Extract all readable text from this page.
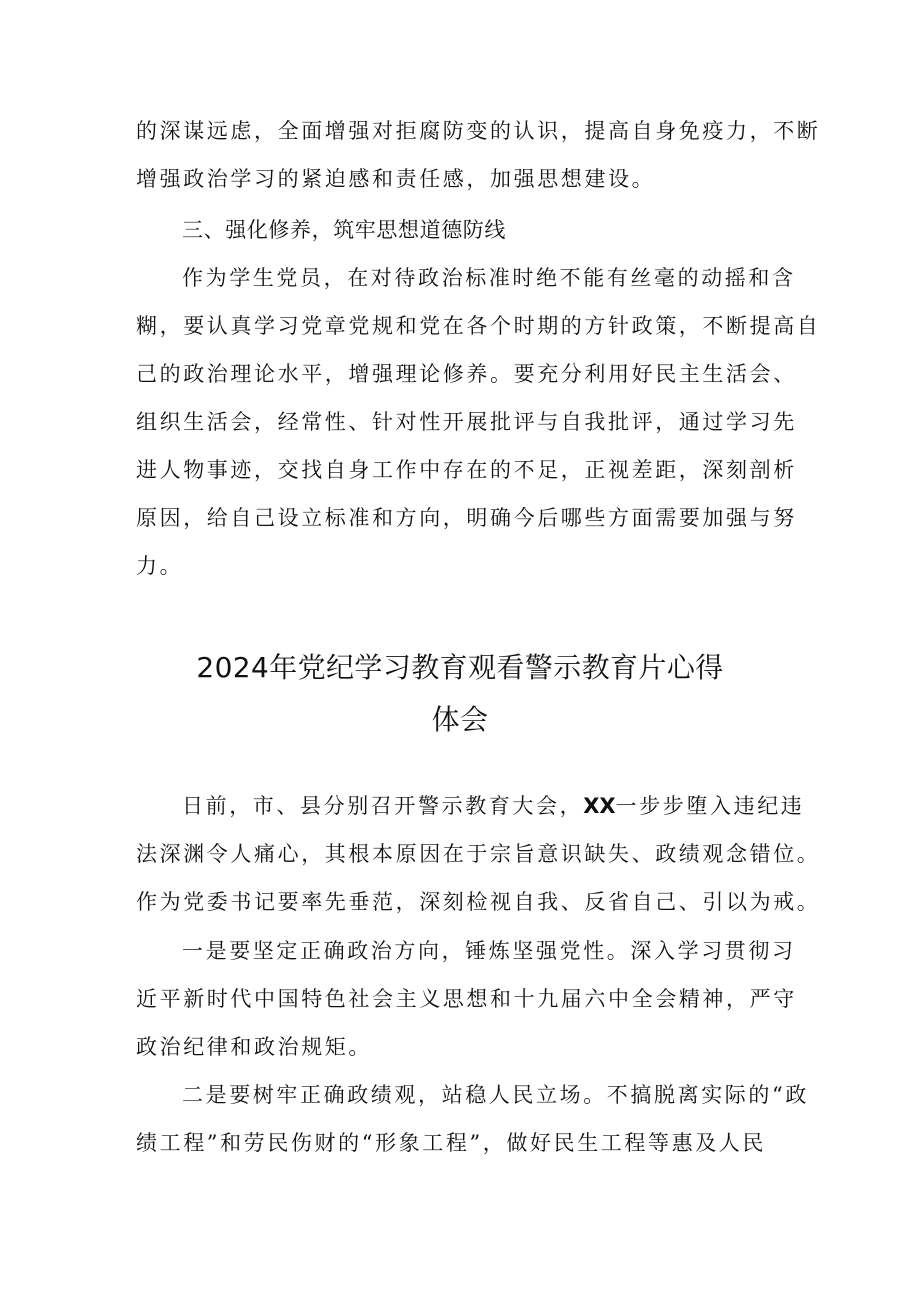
的深谋远虑，全面增强对拒腐防变的认识，提高自身免疫力，不断
增强政治学习的紧迫感和责任感，加强思想建设。
三、强化修养，筑牢思想道德防线
作为学生党员，在对待政治标准时绝不能有丝毫的动摇和含
糊，要认真学习党章党规和党在各个时期的方针政策，不断提高自
己的政治理论水平，增强理论修养。要充分利用好民主生活会、
组织生活会，经常性、针对性开展批评与自我批评，通过学习先
进人物事迹，交找自身工作中存在的不足，正视差距，深刻剖析
原因，给自己设立标准和方向，明确今后哪些方面需要加强与努
力。
2024年党纪学习教育观看警示教育片心得
体会
日前，市、县分别召开警示教育大会，XX一步步堕入违纪违
法深渊令人痛心，其根本原因在于宗旨意识缺失、政绩观念错位。
作为党委书记要率先垂范，深刻检视自我、反省自己、引以为戒。
一是要坚定正确政治方向，锤炼坚强党性。深入学习贯彻习
近平新时代中国特色社会主义思想和十九届六中全会精神，严守
政治纪律和政治规矩。
二是要树牢正确政绩观，站稳人民立场。不搞脱离实际的“政
绩工程”和劳民伤财的“形象工程”，做好民生工程等惠及人民
